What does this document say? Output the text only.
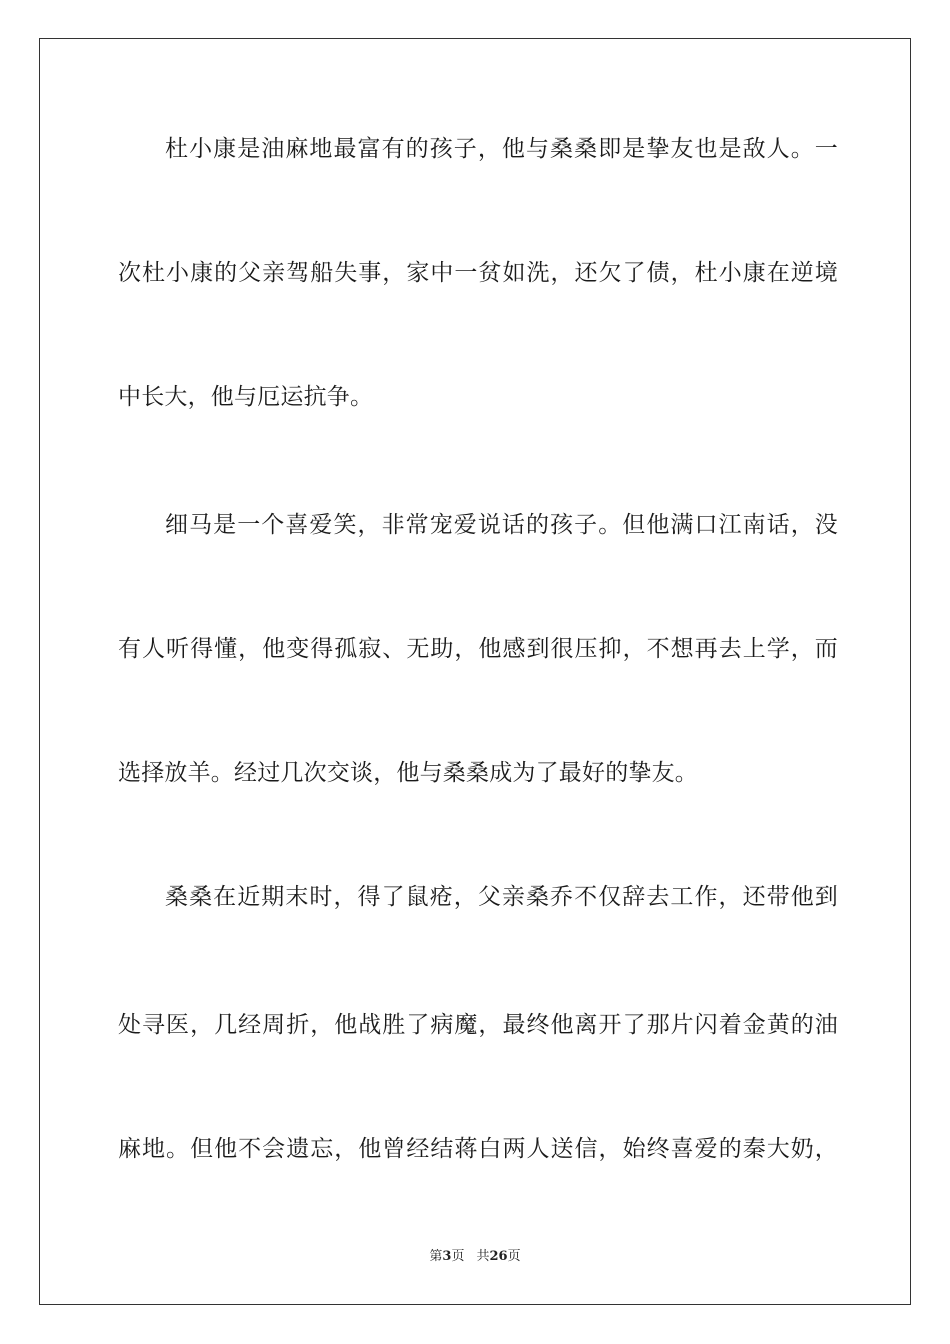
杜小康是油麻地最富有的孩子，他与桑桑即是挚友也是敌人。一
次杜小康的父亲驾船失事，家中一贫如洗，还欠了债，杜小康在逆境
中长大，他与厄运抗争。
细马是一个喜爱笑，非常宠爱说话的孩子。但他满口江南话，没
有人听得懂，他变得孤寂、无助，他感到很压抑，不想再去上学，而
选择放羊。经过几次交谈，他与桑桑成为了最好的挚友。
桑桑在近期末时，得了鼠疮，父亲桑乔不仅辞去工作，还带他到
处寻医，几经周折，他战胜了病魔，最终他离开了那片闪着金黄的油
麻地。但他不会遗忘，他曾经结蒋白两人送信，始终喜爱的秦大奶，
第3页 共26页
